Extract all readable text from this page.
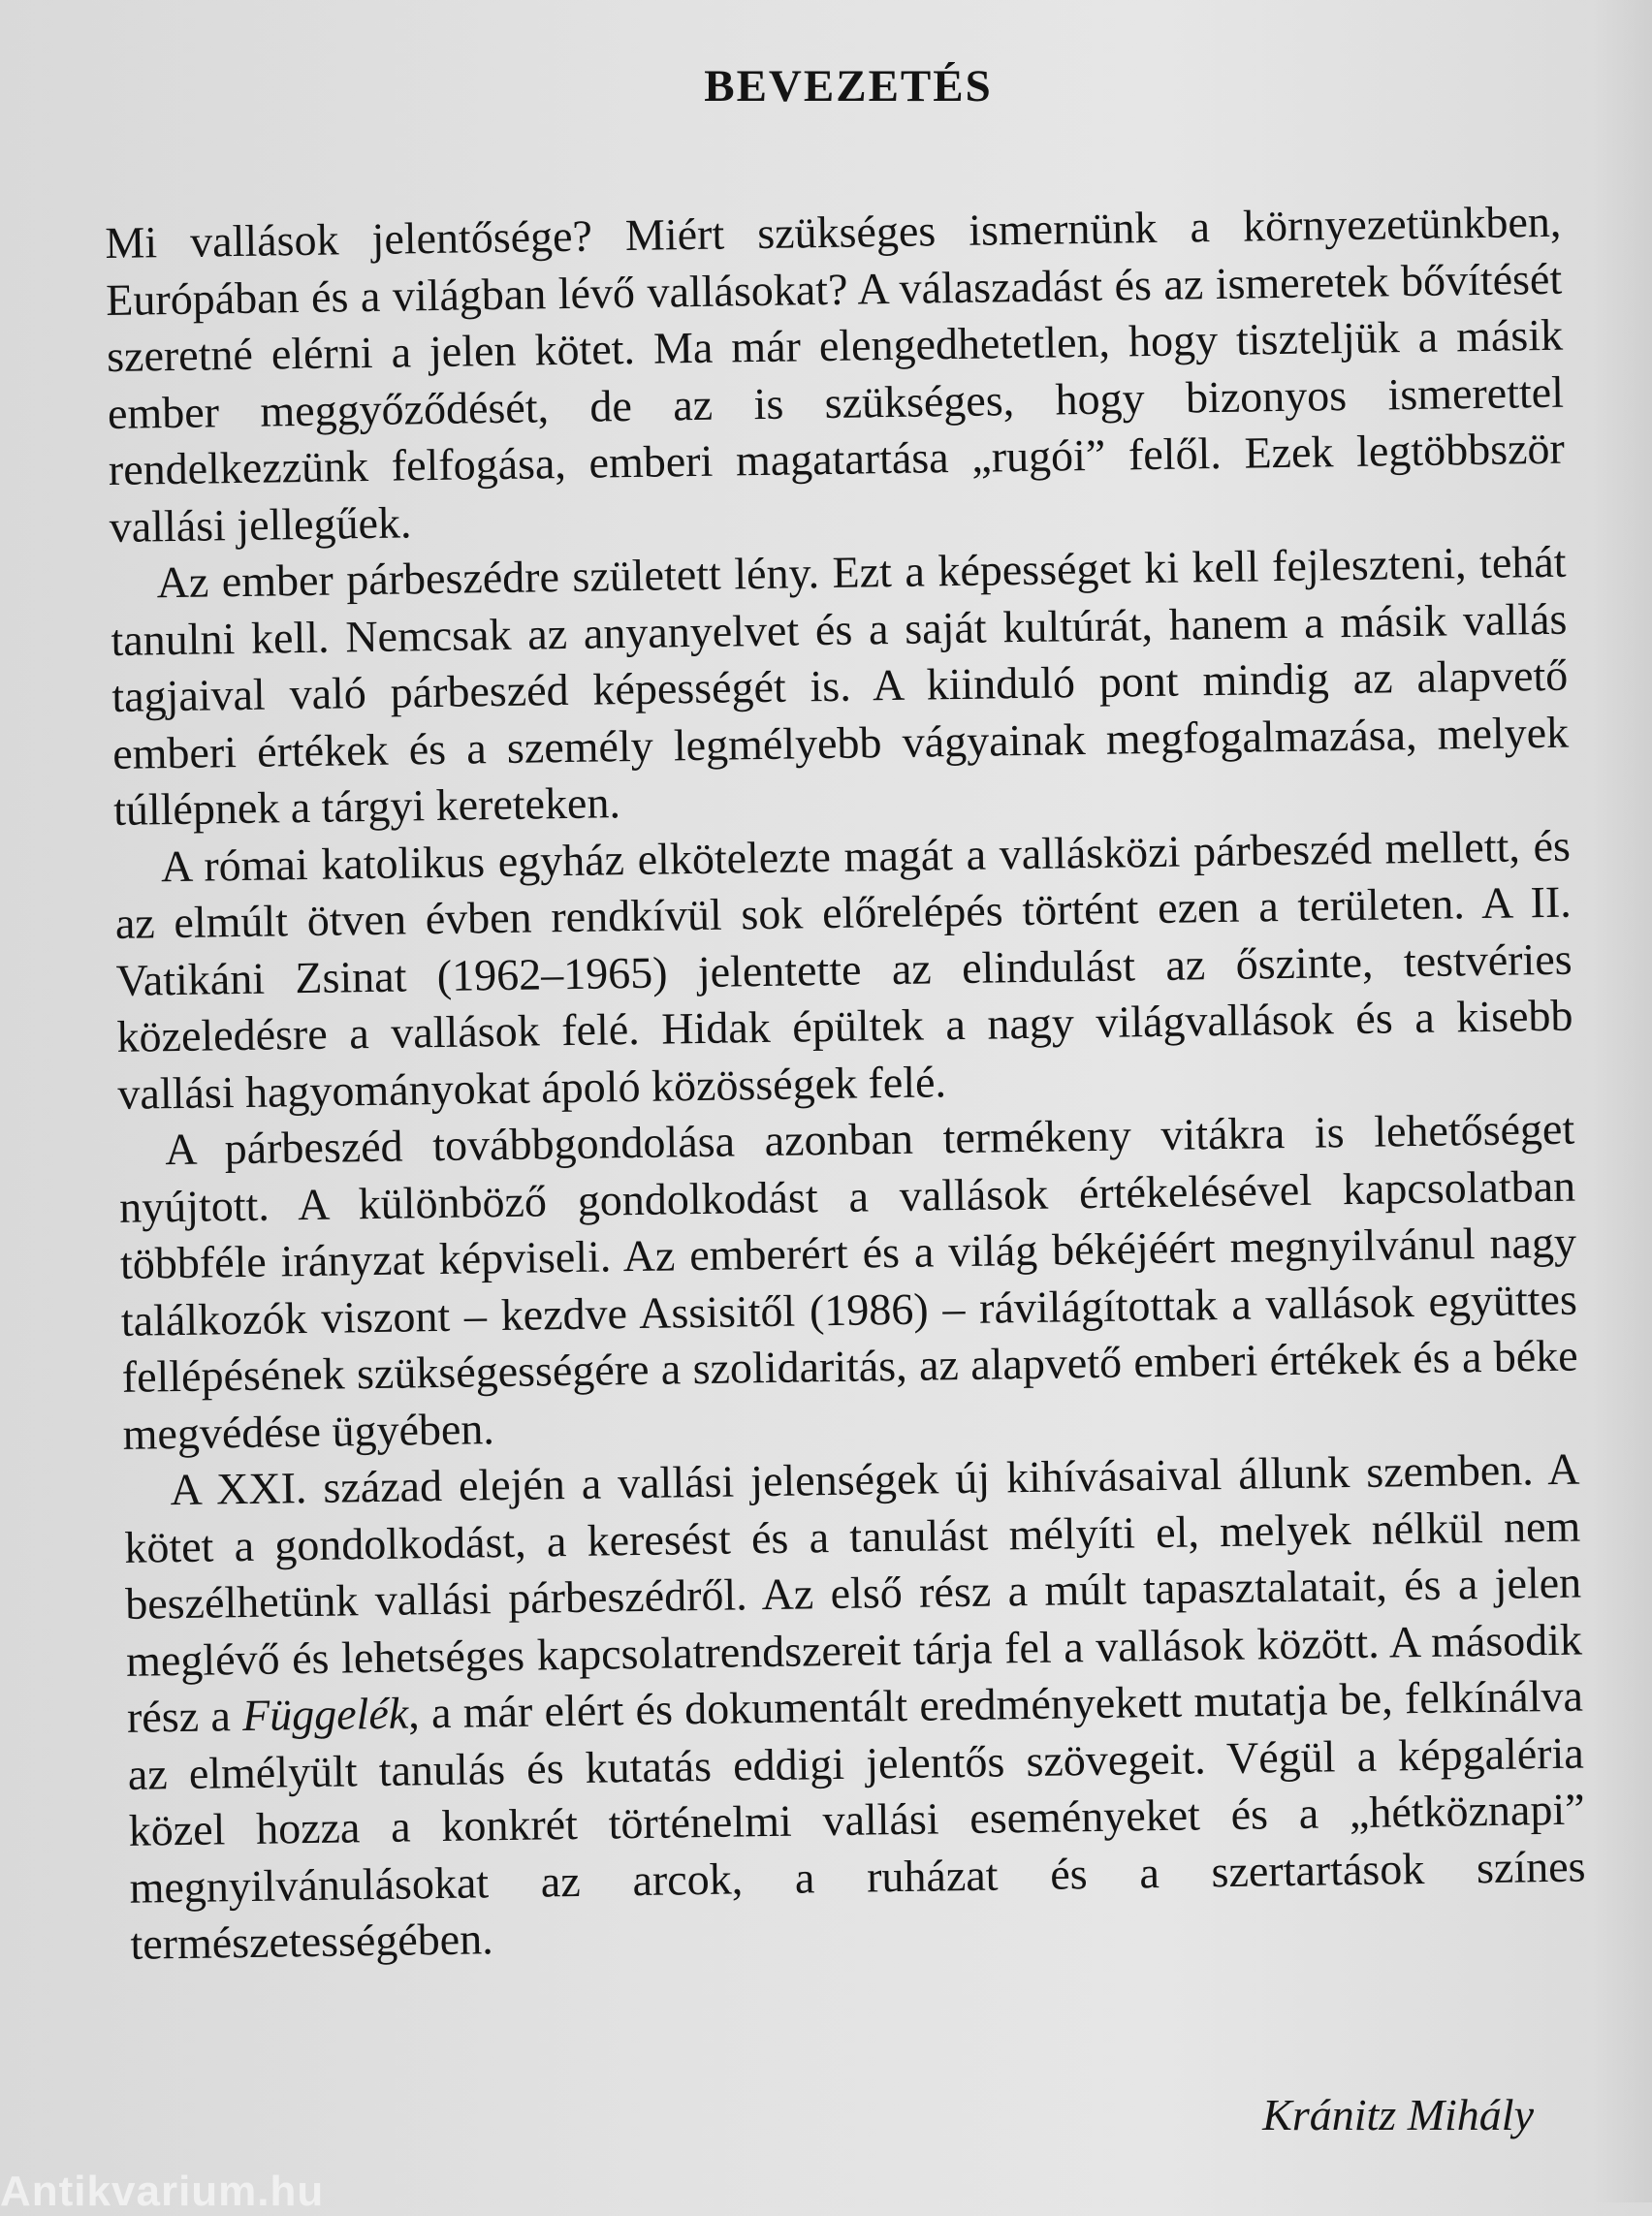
BEVEZETÉS

Mi vallások jelentősége? Miért szükséges ismernünk a környezetünkben, Európában és a világban lévő vallásokat? A válaszadást és az ismeretek bővítését szeretné elérni a jelen kötet. Ma már elengedhetetlen, hogy tiszteljük a másik ember meggyőződését, de az is szükséges, hogy bizonyos ismerettel rendelkezzünk felfogása, emberi magatartása „rugói” felől. Ezek legtöbbször vallási jellegűek.

Az ember párbeszédre született lény. Ezt a képességet ki kell fejleszteni, tehát tanulni kell. Nemcsak az anyanyelvet és a saját kultúrát, hanem a másik vallás tagjaival való párbeszéd képességét is. A kiinduló pont mindig az alapvető emberi értékek és a személy legmélyebb vágyainak megfogalmazása, melyek túllépnek a tárgyi kereteken.

A római katolikus egyház elkötelezte magát a vallásközi párbeszéd mellett, és az elmúlt ötven évben rendkívül sok előrelépés történt ezen a területen. A II. Vatikáni Zsinat (1962–1965) jelentette az elindulást az őszinte, testvéries közeledésre a vallások felé. Hidak épültek a nagy világvallások és a kisebb vallási hagyományokat ápoló közösségek felé.

A párbeszéd továbbgondolása azonban termékeny vitákra is lehetőséget nyújtott. A különböző gondolkodást a vallások értékelésével kapcsolatban többféle irányzat képviseli. Az emberért és a világ békéjéért megnyilvánul nagy találkozók viszont – kezdve Assisitől (1986) – rávilágítottak a vallások együttes fellépésének szükségességére a szolidaritás, az alapvető emberi értékek és a béke megvédése ügyében.

A XXI. század elején a vallási jelenségek új kihívásaival állunk szemben. A kötet a gondolkodást, a keresést és a tanulást mélyíti el, melyek nélkül nem beszélhetünk vallási párbeszédről. Az első rész a múlt tapasztalatait, és a jelen meglévő és lehetséges kapcsolatrendszereit tárja fel a vallások között. A második rész a Függelék, a már elért és dokumentált eredményekett mutatja be, felkínálva az elmélyült tanulás és kutatás eddigi jelentős szövegeit. Végül a képgaléria közel hozza a konkrét történelmi vallási eseményeket és a „hétköznapi” megnyilvánulásokat az arcok, a ruházat és a szertartások színes természetességében.

Kránitz Mihály
Antikvarium.hu
